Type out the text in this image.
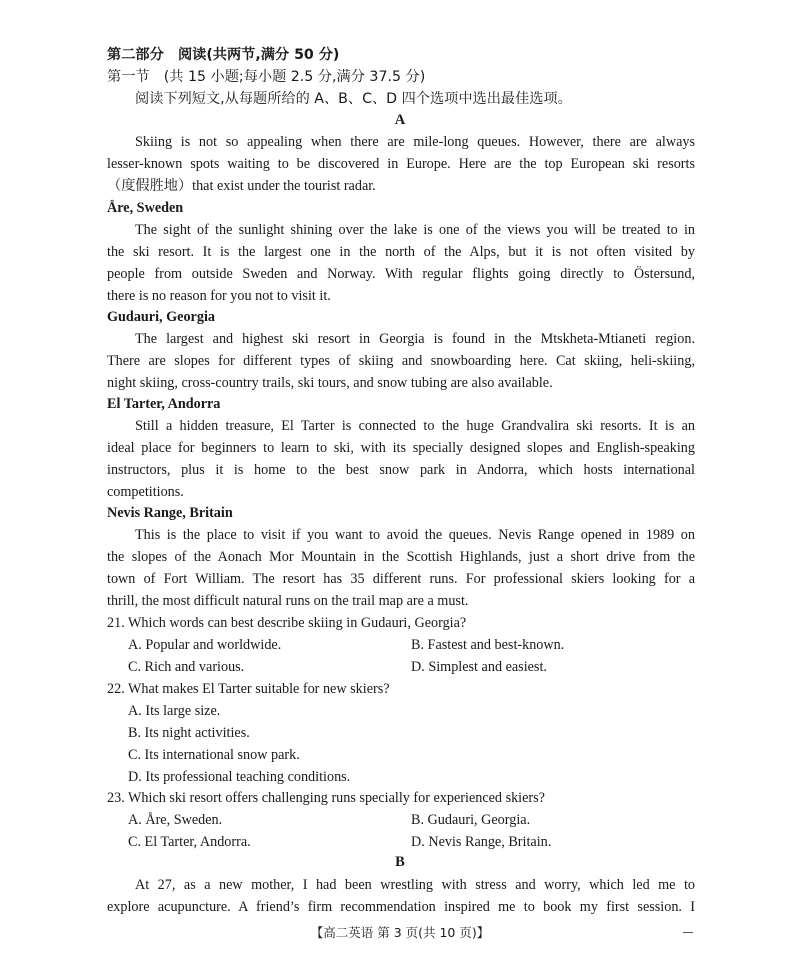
第二部分　阅读(共两节,满分 50 分)
第一节　(共 15 小题;每小题 2.5 分,满分 37.5 分)
阅读下列短文,从每题所给的 A、B、C、D 四个选项中选出最佳选项。
A
Skiing is not so appealing when there are mile-long queues. However, there are always
lesser-known spots waiting to be discovered in Europe. Here are the top European ski resorts
（度假胜地）that exist under the tourist radar.
Åre, Sweden
The sight of the sunlight shining over the lake is one of the views you will be treated to in
the ski resort. It is the largest one in the north of the Alps, but it is not often visited by
people from outside Sweden and Norway. With regular flights going directly to Östersund,
there is no reason for you not to visit it.
Gudauri, Georgia
The largest and highest ski resort in Georgia is found in the Mtskheta-Mtianeti region.
There are slopes for different types of skiing and snowboarding here. Cat skiing, heli-skiing,
night skiing, cross-country trails, ski tours, and snow tubing are also available.
El Tarter, Andorra
Still a hidden treasure, El Tarter is connected to the huge Grandvalira ski resorts. It is an
ideal place for beginners to learn to ski, with its specially designed slopes and English-speaking
instructors, plus it is home to the best snow park in Andorra, which hosts international
competitions.
Nevis Range, Britain
This is the place to visit if you want to avoid the queues. Nevis Range opened in 1989 on
the slopes of the Aonach Mor Mountain in the Scottish Highlands, just a short drive from the
town of Fort William. The resort has 35 different runs. For professional skiers looking for a
thrill, the most difficult natural runs on the trail map are a must.
21. Which words can best describe skiing in Gudauri, Georgia?
A. Popular and worldwide.	B. Fastest and best-known.
C. Rich and various.	D. Simplest and easiest.
22. What makes El Tarter suitable for new skiers?
A. Its large size.
B. Its night activities.
C. Its international snow park.
D. Its professional teaching conditions.
23. Which ski resort offers challenging runs specially for experienced skiers?
A. Åre, Sweden.	B. Gudauri, Georgia.
C. El Tarter, Andorra.	D. Nevis Range, Britain.
B
At 27, as a new mother, I had been wrestling with stress and worry, which led me to
explore acupuncture. A friend’s firm recommendation inspired me to book my first session. I
【高二英语 第 3 页(共 10 页)】
